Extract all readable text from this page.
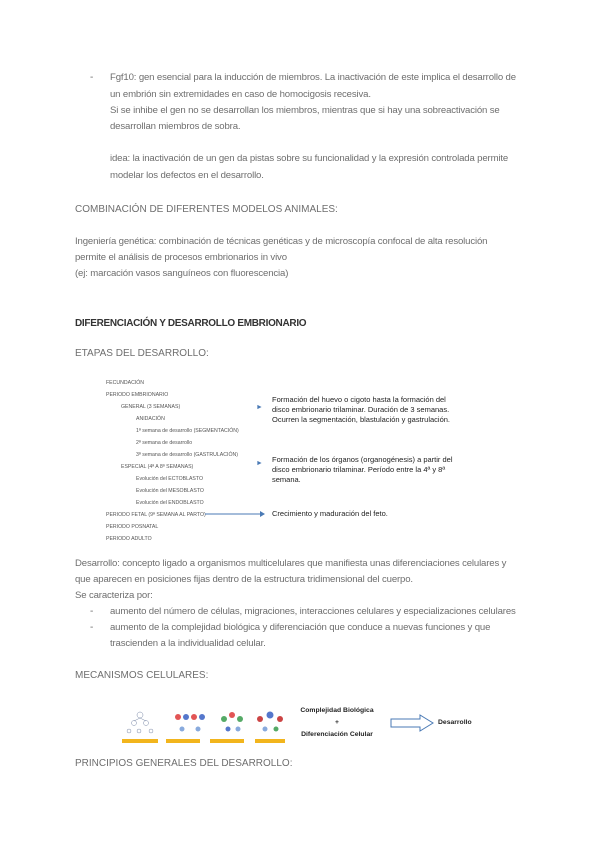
- Fgf10: gen esencial para la inducción de miembros. La inactivación de este implica el desarrollo de
un embrión sin extremidades en caso de homocigosis recesiva.
Si se inhibe el gen no se desarrollan los miembros, mientras que si hay una sobreactivación se
desarrollan miembros de sobra.
idea: la inactivación de un gen da pistas sobre su funcionalidad y la expresión controlada permite
modelar los defectos en el desarrollo.
COMBINACIÓN DE DIFERENTES MODELOS ANIMALES:
Ingeniería genética: combinación de técnicas genéticas y de microscopía confocal de alta resolución
permite el análisis de procesos embrionarios in vivo
(ej: marcación vasos sanguíneos con fluorescencia)
DIFERENCIACIÓN Y DESARROLLO EMBRIONARIO
ETAPAS DEL DESARROLLO:
FECUNDACIÓN
PERIODO EMBRIONARIO
GENERAL (3 SEMANAS)
ANIDACIÓN
1ª semana de desarrollo (SEGMENTACIÓN)
2ª semana de desarrollo
3ª semana de desarrollo (GASTRULACIÓN)
ESPECIAL (4ª A 8ª SEMANAS)
Evolución del ECTOBLASTO
Evolución del MESOBLASTO
Evolución del ENDOBLASTO
PERIODO FETAL (9ª SEMANA AL PARTO)
PERIODO POSNATAL
PERIODO ADULTO
►
►
Formación del huevo o cigoto hasta la formación del
disco embrionario trilaminar. Duración de 3 semanas.
Ocurren la segmentación, blastulación y gastrulación.
Formación de los órganos (organogénesis) a partir del
disco embrionario trilaminar. Período entre la 4ª y 8ª
semana.
Crecimiento y maduración del feto.
Desarrollo: concepto ligado a organismos multicelulares que manifiesta unas diferenciaciones celulares y
que aparecen en posiciones fijas dentro de la estructura tridimensional del cuerpo.
Se caracteriza por:
- aumento del número de células, migraciones, interacciones celulares y especializaciones celulares
- aumento de la complejidad biológica y diferenciación que conduce a nuevas funciones y que
trascienden a la individualidad celular.
MECANISMOS CELULARES:
Complejidad Biológica
+
Diferenciación Celular
Desarrollo
PRINCIPIOS GENERALES DEL DESARROLLO:
